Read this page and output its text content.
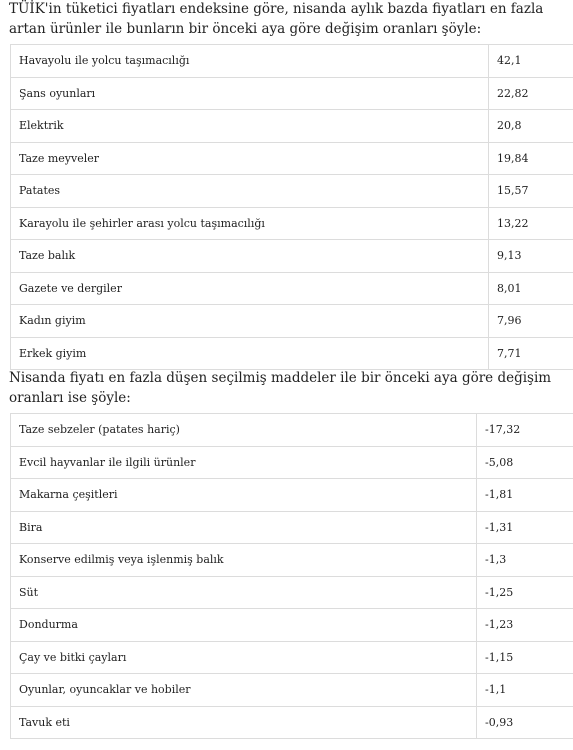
TÜİK'in tüketici fiyatları endeksine göre, nisanda aylık bazda fiyatları en fazla artan ürünler ile bunların bir önceki aya göre değişim oranları şöyle:

Havayolu ile yolcu taşımacılığı	42,1
Şans oyunları	22,82
Elektrik	20,8
Taze meyveler	19,84
Patates	15,57
Karayolu ile şehirler arası yolcu taşımacılığı	13,22
Taze balık	9,13
Gazete ve dergiler	8,01
Kadın giyim	7,96
Erkek giyim	7,71

Nisanda fiyatı en fazla düşen seçilmiş maddeler ile bir önceki aya göre değişim oranları ise şöyle:

Taze sebzeler (patates hariç)	-17,32
Evcil hayvanlar ile ilgili ürünler	-5,08
Makarna çeşitleri	-1,81
Bira	-1,31
Konserve edilmiş veya işlenmiş balık	-1,3
Süt	-1,25
Dondurma	-1,23
Çay ve bitki çayları	-1,15
Oyunlar, oyuncaklar ve hobiler	-1,1
Tavuk eti	-0,93
